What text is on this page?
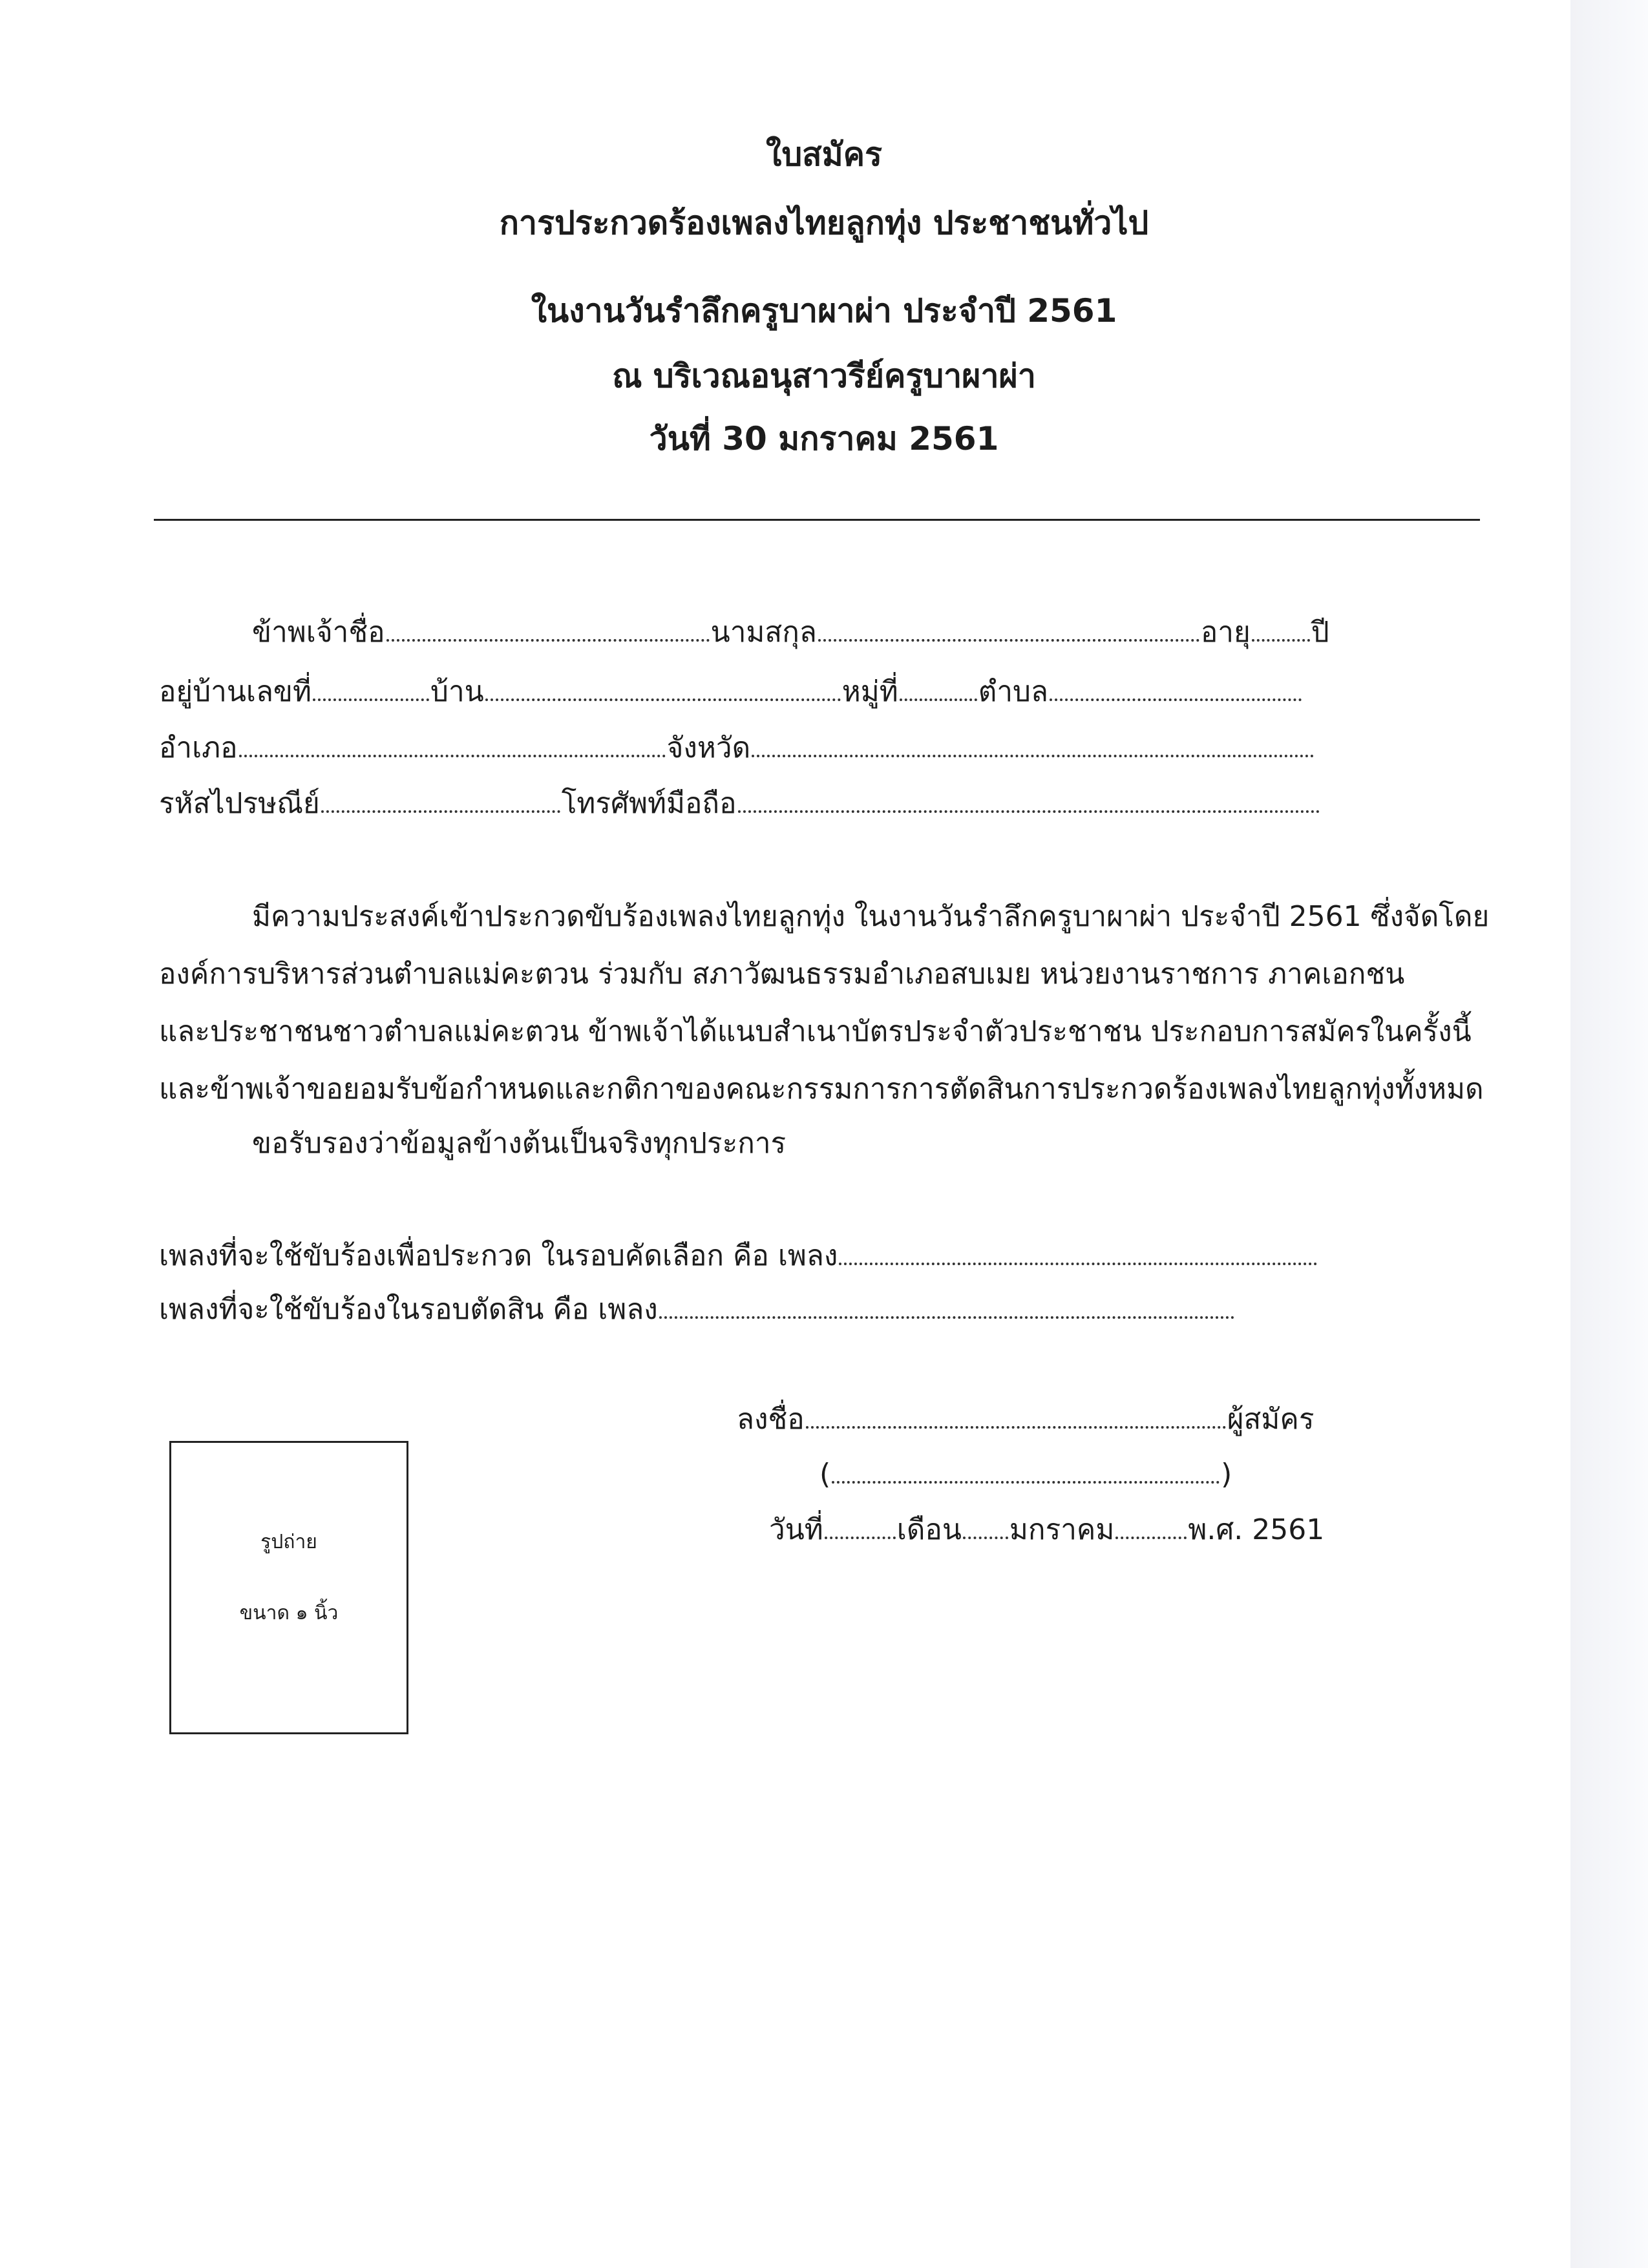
ใบสมัคร
การประกวดร้องเพลงไทยลูกทุ่ง ประชาชนทั่วไป
ในงานวันรำลึกครูบาผาผ่า ประจำปี 2561
ณ บริเวณอนุสาวรีย์ครูบาผาผ่า
วันที่ 30 มกราคม 2561
ข้าพเจ้าชื่อ	นามสกุล	อายุ ปี
อยู่บ้านเลขที่	บ้าน	หมู่ที่	ตำบล
อำเภอ	จังหวัด
รหัสไปรษณีย์	โทรศัพท์มือถือ
มีความประสงค์เข้าประกวดขับร้องเพลงไทยลูกทุ่ง ในงานวันรำลึกครูบาผาผ่า ประจำปี 2561 ซึ่งจัดโดย
องค์การบริหารส่วนตำบลแม่คะตวน ร่วมกับ สภาวัฒนธรรมอำเภอสบเมย หน่วยงานราชการ ภาคเอกชน
และประชาชนชาวตำบลแม่คะตวน ข้าพเจ้าได้แนบสำเนาบัตรประจำตัวประชาชน ประกอบการสมัครในครั้งนี้
และข้าพเจ้าขอยอมรับข้อกำหนดและกติกาของคณะกรรมการการตัดสินการประกวดร้องเพลงไทยลูกทุ่งทั้งหมด
ขอรับรองว่าข้อมูลข้างต้นเป็นจริงทุกประการ
เพลงที่จะใช้ขับร้องเพื่อประกวด ในรอบคัดเลือก คือ เพลง
เพลงที่จะใช้ขับร้องในรอบตัดสิน คือ เพลง
ลงชื่อ	ผู้สมัคร
(	)
วันที่	เดือน มกราคม	พ.ศ. 2561
รูปถ่าย
ขนาด ๑ นิ้ว
